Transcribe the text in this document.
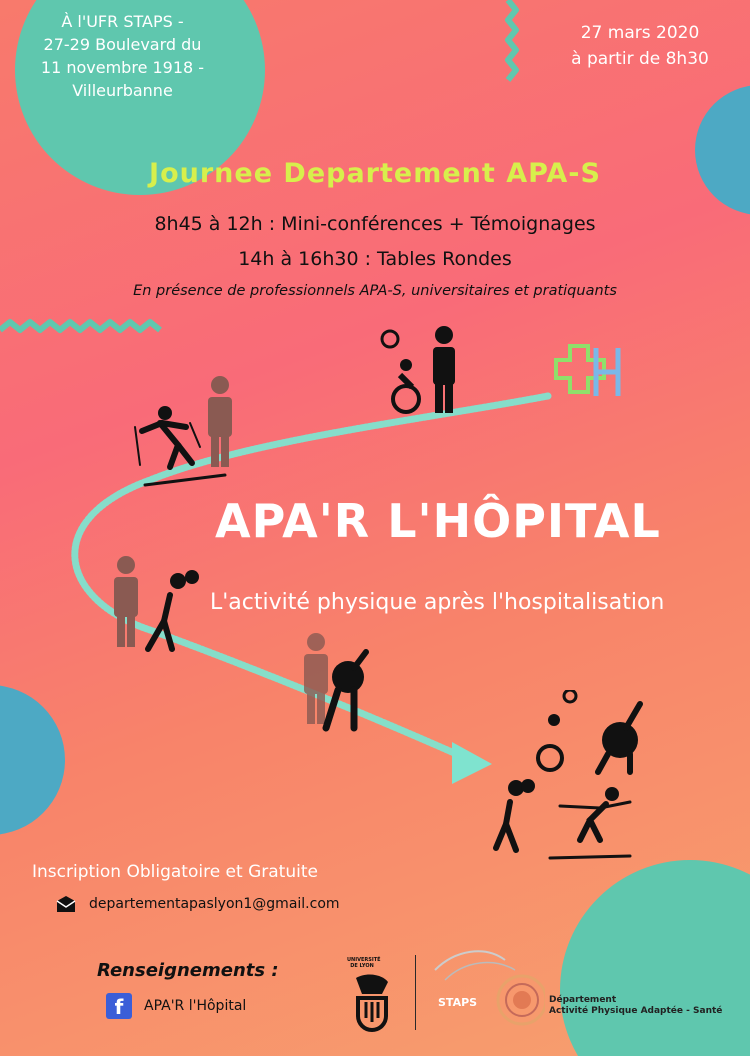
À l'UFR STAPS -
27-29 Boulevard du
11 novembre 1918 -
Villeurbanne
27 mars 2020
à partir de 8h30
Journee Departement APA-S
8h45 à 12h : Mini-conférences + Témoignages
14h à 16h30 : Tables Rondes
En présence de professionnels APA-S, universitaires et pratiquants
APA'R L'HÔPITAL
L'activité physique après l'hospitalisation
Inscription Obligatoire et Gratuite
departementapaslyon1@gmail.com
Renseignements :
f	APA'R l'Hôpital
UNIVERSITÉ DE LYON
STAPS	Département
Activité Physique Adaptée - Santé
